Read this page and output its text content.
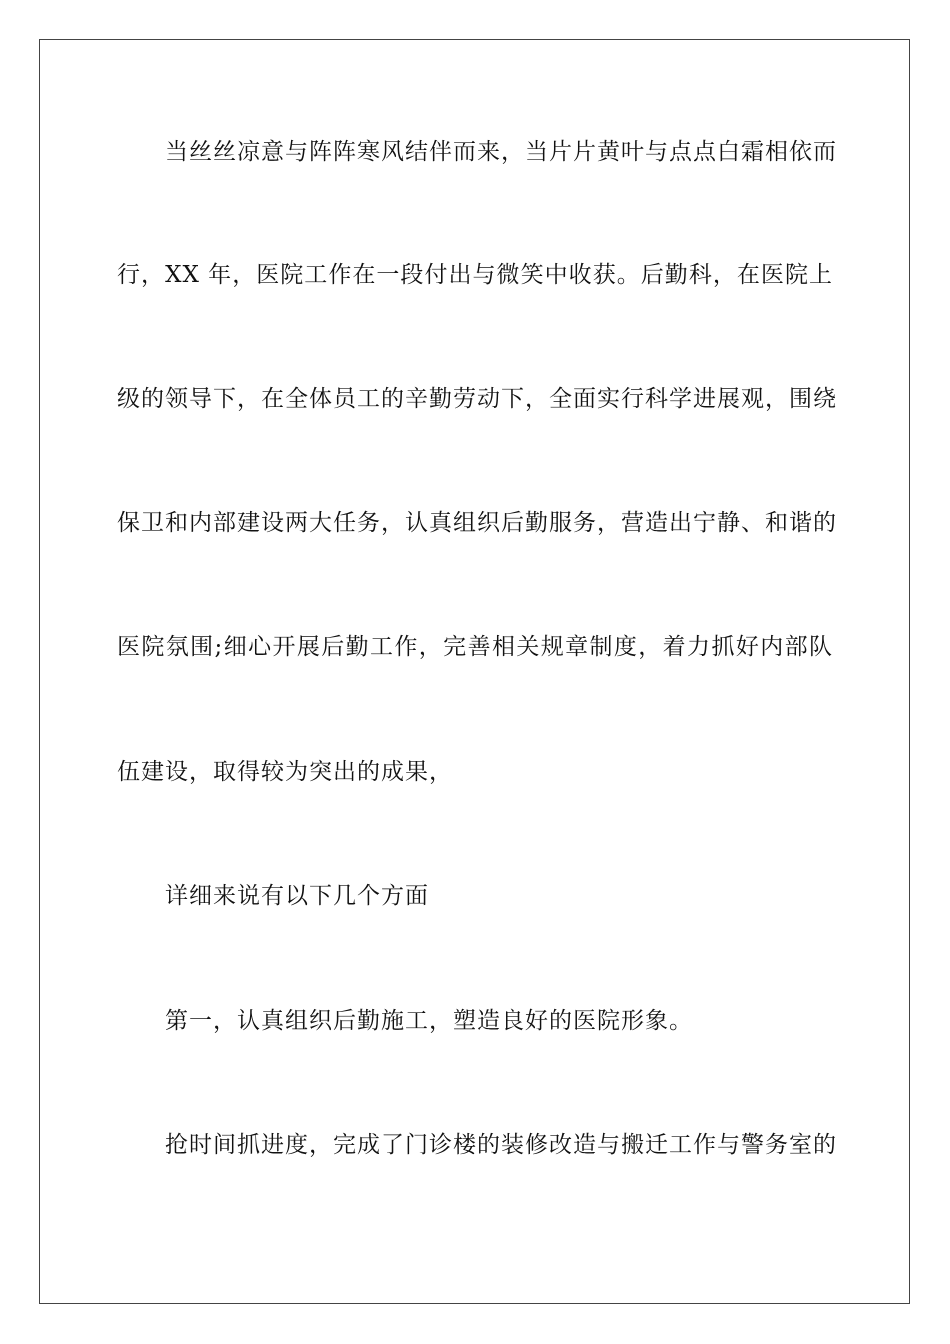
当丝丝凉意与阵阵寒风结伴而来，当片片黄叶与点点白霜相依而
行，XX 年，医院工作在一段付出与微笑中收获。后勤科，在医院上
级的领导下，在全体员工的辛勤劳动下，全面实行科学进展观，围绕
保卫和内部建设两大任务，认真组织后勤服务，营造出宁静、和谐的
医院氛围;细心开展后勤工作，完善相关规章制度，着力抓好内部队
伍建设，取得较为突出的成果，
详细来说有以下几个方面
第一，认真组织后勤施工，塑造良好的医院形象。
抢时间抓进度，完成了门诊楼的装修改造与搬迁工作与警务室的
